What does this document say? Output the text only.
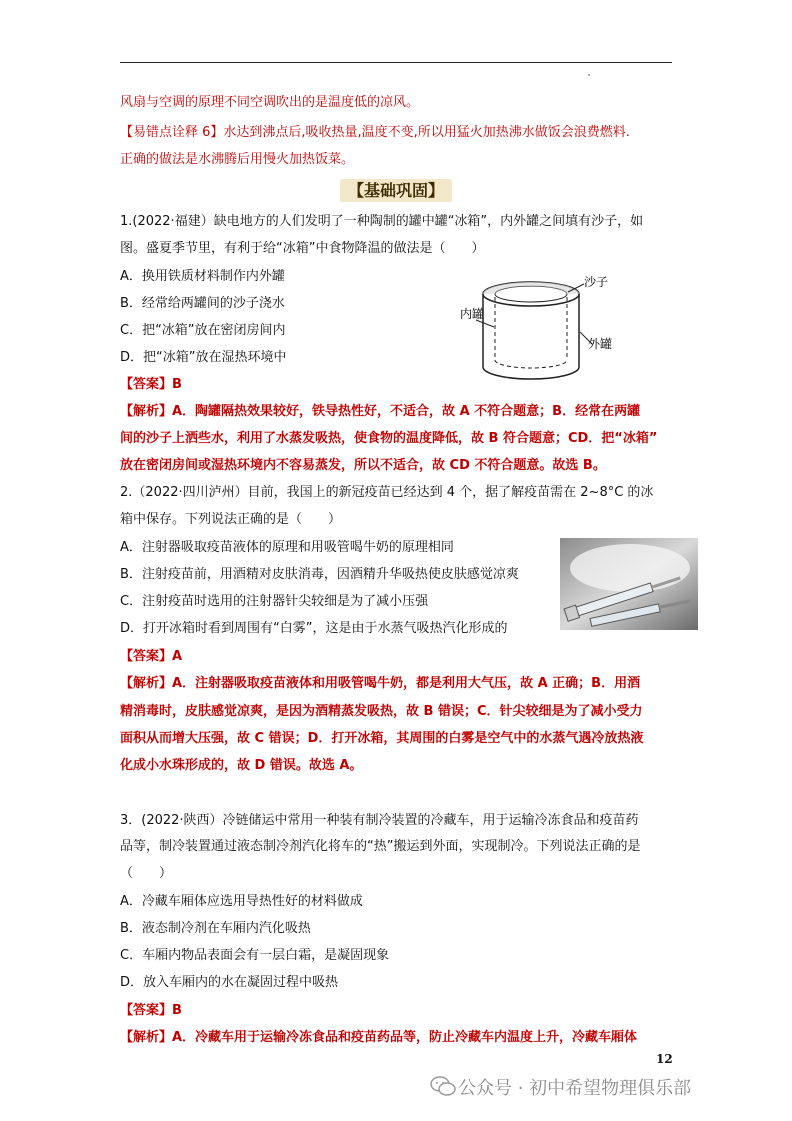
风扇与空调的原理不同空调吹出的是温度低的凉风。
【易错点诠释 6】水达到沸点后,吸收热量,温度不变,所以用猛火加热沸水做饭会浪费燃料.
正确的做法是水沸腾后用慢火加热饭菜。
【基础巩固】
1.(2022·福建）缺电地方的人们发明了一种陶制的罐中罐“冰箱”，内外罐之间填有沙子，如
图。盛夏季节里，有利于给“冰箱”中食物降温的做法是（　　）
A．换用铁质材料制作内外罐
B．经常给两罐间的沙子浇水
C．把“冰箱”放在密闭房间内
D．把“冰箱”放在湿热环境中
【答案】B
【解析】A．陶罐隔热效果较好，铁导热性好，不适合，故 A 不符合题意；B．经常在两罐
间的沙子上洒些水，利用了水蒸发吸热，使食物的温度降低，故 B 符合题意；CD．把“冰箱”
放在密闭房间或湿热环境内不容易蒸发，所以不适合，故 CD 不符合题意。故选 B。
沙子
内罐
外罐
2.（2022·四川泸州）目前，我国上的新冠疫苗已经达到 4 个，据了解疫苗需在 2~8°C 的冰
箱中保存。下列说法正确的是（　　）
A．注射器吸取疫苗液体的原理和用吸管喝牛奶的原理相同
B．注射疫苗前，用酒精对皮肤消毒，因酒精升华吸热使皮肤感觉凉爽
C．注射疫苗时选用的注射器针尖较细是为了减小压强
D．打开冰箱时看到周围有“白雾”，这是由于水蒸气吸热汽化形成的
【答案】A
【解析】A．注射器吸取疫苗液体和用吸管喝牛奶，都是利用大气压，故 A 正确；B．用酒
精消毒时，皮肤感觉凉爽，是因为酒精蒸发吸热，故 B 错误；C．针尖较细是为了减小受力
面积从而增大压强，故 C 错误；D．打开冰箱，其周围的白雾是空气中的水蒸气遇冷放热液
化成小水珠形成的，故 D 错误。故选 A。
3．(2022·陕西）冷链储运中常用一种装有制冷装置的冷藏车，用于运输冷冻食品和疫苗药
品等，制冷装置通过液态制冷剂汽化将车的“热”搬运到外面，实现制冷。下列说法正确的是
（　　）
A．冷藏车厢体应选用导热性好的材料做成
B．液态制冷剂在车厢内汽化吸热
C．车厢内物品表面会有一层白霜，是凝固现象
D．放入车厢内的水在凝固过程中吸热
【答案】B
【解析】A．冷藏车用于运输冷冻食品和疫苗药品等，防止冷藏车内温度上升，冷藏车厢体
12
公众号 · 初中希望物理俱乐部
